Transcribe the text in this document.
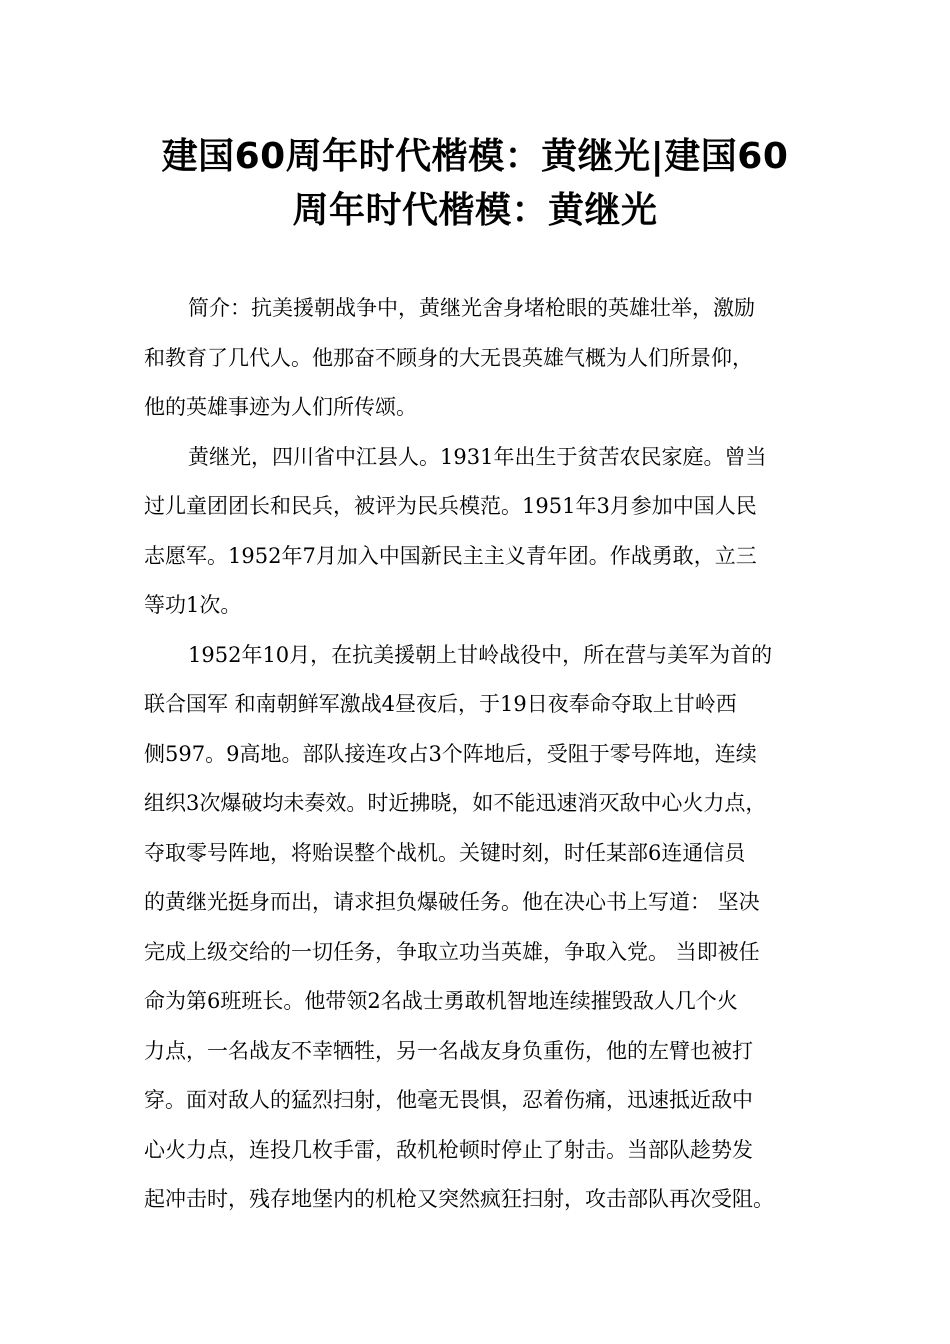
建国60周年时代楷模：黄继光|建国60
周年时代楷模：黄继光
简介：抗美援朝战争中，黄继光舍身堵枪眼的英雄壮举，激励
和教育了几代人。他那奋不顾身的大无畏英雄气概为人们所景仰，
他的英雄事迹为人们所传颂。
黄继光，四川省中江县人。1931年出生于贫苦农民家庭。曾当
过儿童团团长和民兵，被评为民兵模范。1951年3月参加中国人民
志愿军。1952年7月加入中国新民主主义青年团。作战勇敢，立三
等功1次。
1952年10月，在抗美援朝上甘岭战役中，所在营与美军为首的
联合国军 和南朝鲜军激战4昼夜后，于19日夜奉命夺取上甘岭西
侧597。9高地。部队接连攻占3个阵地后，受阻于零号阵地，连续
组织3次爆破均未奏效。时近拂晓，如不能迅速消灭敌中心火力点，
夺取零号阵地，将贻误整个战机。关键时刻，时任某部6连通信员
的黄继光挺身而出，请求担负爆破任务。他在决心书上写道： 坚决
完成上级交给的一切任务，争取立功当英雄，争取入党。 当即被任
命为第6班班长。他带领2名战士勇敢机智地连续摧毁敌人几个火
力点，一名战友不幸牺牲，另一名战友身负重伤，他的左臂也被打
穿。面对敌人的猛烈扫射，他毫无畏惧，忍着伤痛，迅速抵近敌中
心火力点，连投几枚手雷，敌机枪顿时停止了射击。当部队趁势发
起冲击时，残存地堡内的机枪又突然疯狂扫射，攻击部队再次受阻。
